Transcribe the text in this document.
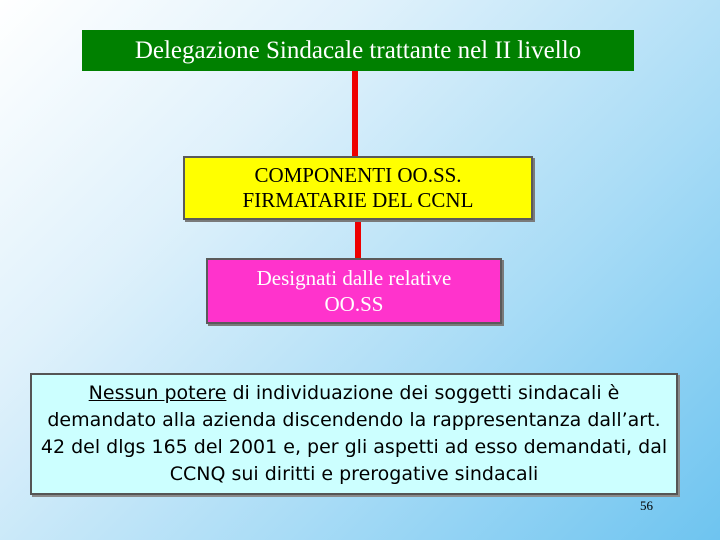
Delegazione Sindacale trattante nel II livello
COMPONENTI OO.SS.
FIRMATARIE DEL CCNL
Designati dalle relative
OO.SS

Nessun potere di individuazione dei soggetti sindacali è demandato alla azienda discendendo la rappresentanza dall’art. 42 del dlgs 165 del 2001 e, per gli aspetti ad esso demandati, dal CCNQ sui diritti e prerogative sindacali

56
